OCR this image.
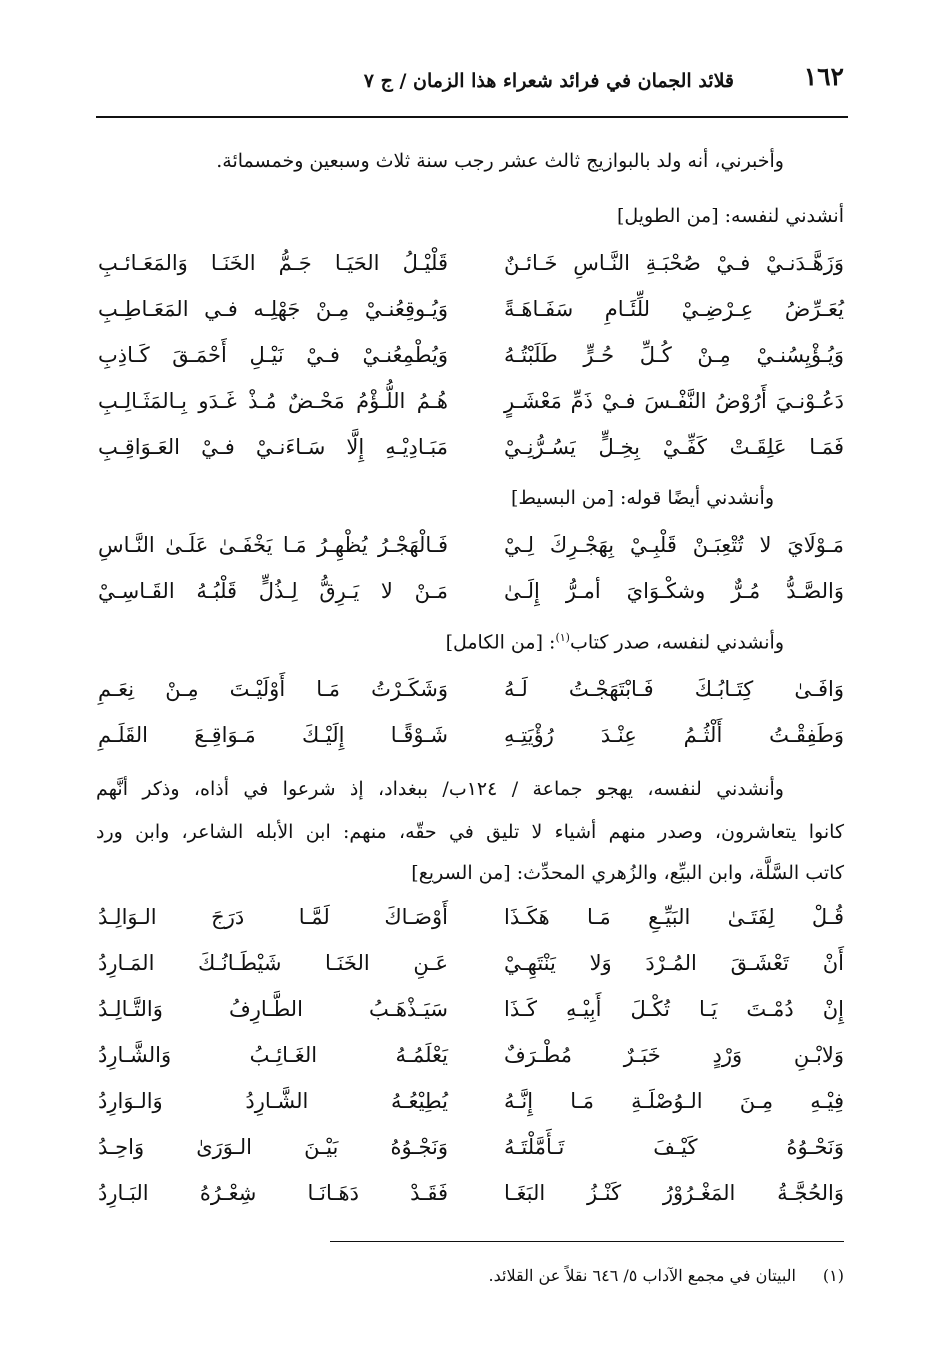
١٦٢
قلائد الجمان في فرائد شعراء هذا الزمان / ج ٧
وأخبرني، أنه ولد بالبوازيج ثالث عشر رجب سنة ثلاث وسبعين وخمسمائة.
أنشدني لنفسه: [من الطويل]
وَزَهَّـدَنـيْ فـيْ صُحْبَـةِ النَّـاسِ خَـائـنٌ
قَلْيْـلُ الحَيَـا جَـمُّ الخَنَـا وَالمَعَـائـبِ
يُعَـرِّضُ عِـرْضِـيْ للِّئَـامِ سَفَـاهَـةً
وَيُـوقِعُنـيْ مِـنْ جَهْلِـه فـي المَعَـاطِـبِ
وَيُـؤْيِسُنـيْ مِـنْ كُـلِّ حُـرٍّ طَلَبْتُـهُ
وَيُطْمِعُنـيْ فـيْ نَيْـلِ أَحْمَـقَ كَـاذِبِ
دَعُـوْنـيَ أَرُوْضُ النَّفْـسَ فـيْ ذَمِّ مَعْشَـرٍ
هُـمُ اللُّـؤْمُ مَحْـضٌ مُـذْ غَـدَو بِـالمَثَـالِـبِ
فَمَـا عَلِقَـتْ كَفِّـيْ بِخِـلٍّ يَسُـرُّنِـيْ
مَبَـادِيْـهِ إِلَّا سَـاءَنـيْ فـيْ العَـوَاقِـبِ
وأنشدني أيضًا قوله: [من البسيط]
مَـوْلَايَ لا تُتْعِبَـنْ قَلْبِـيْ بِهَجْـرِكَ لِـيْ
فَـالْهَجْـرُ يُظْهِـرُ مَـا يَخْفَـىٰ عَلَـىٰ النَّـاسِ
وَالصَّـدُّ مُـرٌّ وشكْـوَايَ أمـرُّ إِلَـىٰ
مَـنْ لا يَـرِقُّ لِـذُلٍّ قَلْبُـهُ القَـاسِـيْ
وأنشدني لنفسه، صدر كتاب$^{(١)}$: [من الكامل]
وَافَـىٰ كِتَـابُـكَ فَـابْتَهَجْـتُ لَـهُ
وَشَكَـرْتُ مَـا أَوْلَيْـتَ مِـنْ نِعَـمِ
وَطَفِقْـتُ أَلْثُـمُ عِنْـدَ رُؤْيَتِـهِ
شَـوْقًـا إِلَيْـكَ مَـوَاقِـعَ القَلَـمِ
وأنشدني لنفسه، يهجو جماعة / ١٢٤ب/ ببغداد، إذ شرعوا في أذاه، وذكر أنَّهم
كانوا يتعاشرون، وصدر منهم أشياء لا تليق في حقّه، منهم: ابن الأبله الشاعر، وابن ورد
كاتب السَّلَّة، وابن البيِّع، والزُهري المحدِّث: [من السريع]
قُـلْ لِفَتَـىٰ البَيِّـعِ مَـا هَكَـذَا
أَوْصَـاكَ لَمَّـا دَرَجَ الـوَالِـدُ
أَنْ تَعْشَـقَ المُـرْدَ وَلا يَنْتَهِـيْ
عَـنِ الخَنَـا شَيْطَـانُـكَ المَـارِدُ
إِنْ دُمْـتَ يَـا تُكْـلَ أَبِيْـهِ كَـذَا
سَيَـذْهَـبُ الطَّـارِفُ وَالتَّـالِـدُ
وَلابْـنِ وَرْدٍ خَبَـرٌ مُطْـرَفٌ
يَعْلَمُـهُ الغَـائِـبُ وَالشَّـارِدُ
فِيْـهِ مِـنَ الـوُصْلَـةِ مَـا إِنَّـهُ
يُطِيْعُـهُ الشَّـارِدُ وَالـوَارِدُ
وَنَحْـوُهُ كَيْـفَ تَـأَمَّلْتَـهُ
وَنَجْـوُهُ بَيْـنَ الـوَرَىٰ وَاحِـدُ
وَالحُجَّـةُ المَغْـرُوْرُ كَنْـزُ البَغَـا
فَقَـدْ دَهَـانَـا شِعْـرُهُ البَـارِدُ
(١)البيتان في مجمع الآداب ٥/ ٦٤٦ نقلاً عن القلائد.
